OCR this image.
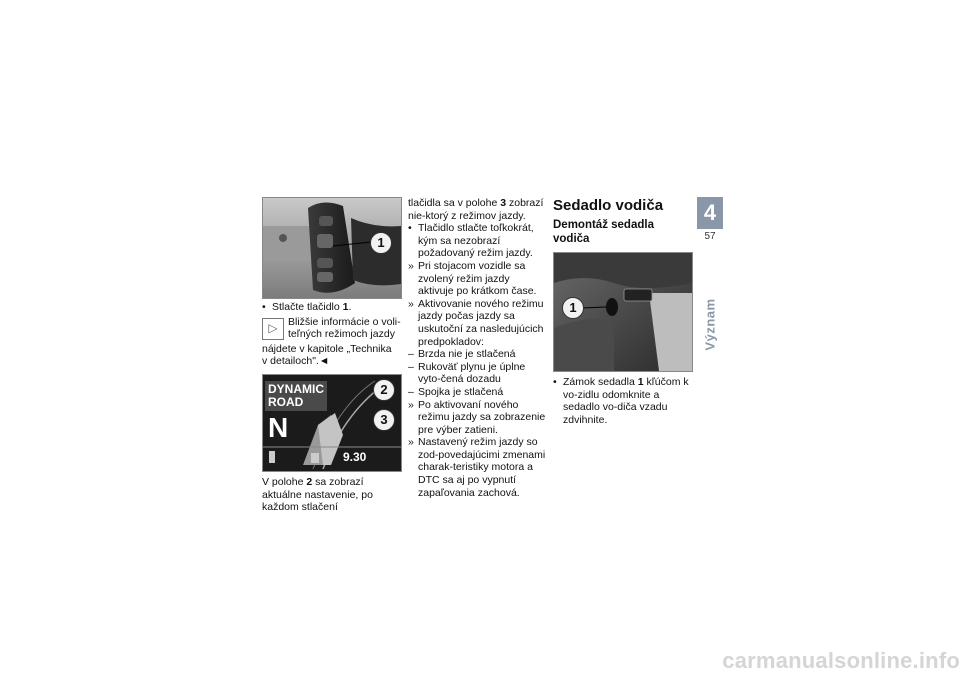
1

• Stlačte tlačidlo 1.

▷ Bližšie informácie o voli-
teľných režimoch jazdy
nájdete v kapitole „Technika
v detailoch".◄
DYNAMIC
ROAD
N
9.30
2
3

V polohe 2 sa zobrazí aktuálne nastavenie, po každom stlačení

tlačidla sa v polohe 3 zobrazí nie-ktorý z režimov jazdy.

• Tlačidlo stlačte toľkokrát, kým sa nezobrazí požadovaný režim jazdy.

» Pri stojacom vozidle sa zvolený režim jazdy aktivuje po krátkom čase.

» Aktivovanie nového režimu jazdy počas jazdy sa uskutoční za nasledujúcich predpokladov:

– Brzda nie je stlačená

– Rukoväť plynu je úplne vyto-čená dozadu

– Spojka je stlačená

» Po aktivovaní nového režimu jazdy sa zobrazenie pre výber zatienі.

» Nastavený režim jazdy so zod-povedajúcimi zmenami charak-teristiky motora a DTC sa aj po vypnutí zapaľovania zachová.

Sedadlo vodiča
Demontáž sedadla vodiča
1

• Zámok sedadla 1 kľúčom k vo-zidlu odomknite a sedadlo vo-diča vzadu zdvihnite.

4
57
Význam
carmanualsonline.info
